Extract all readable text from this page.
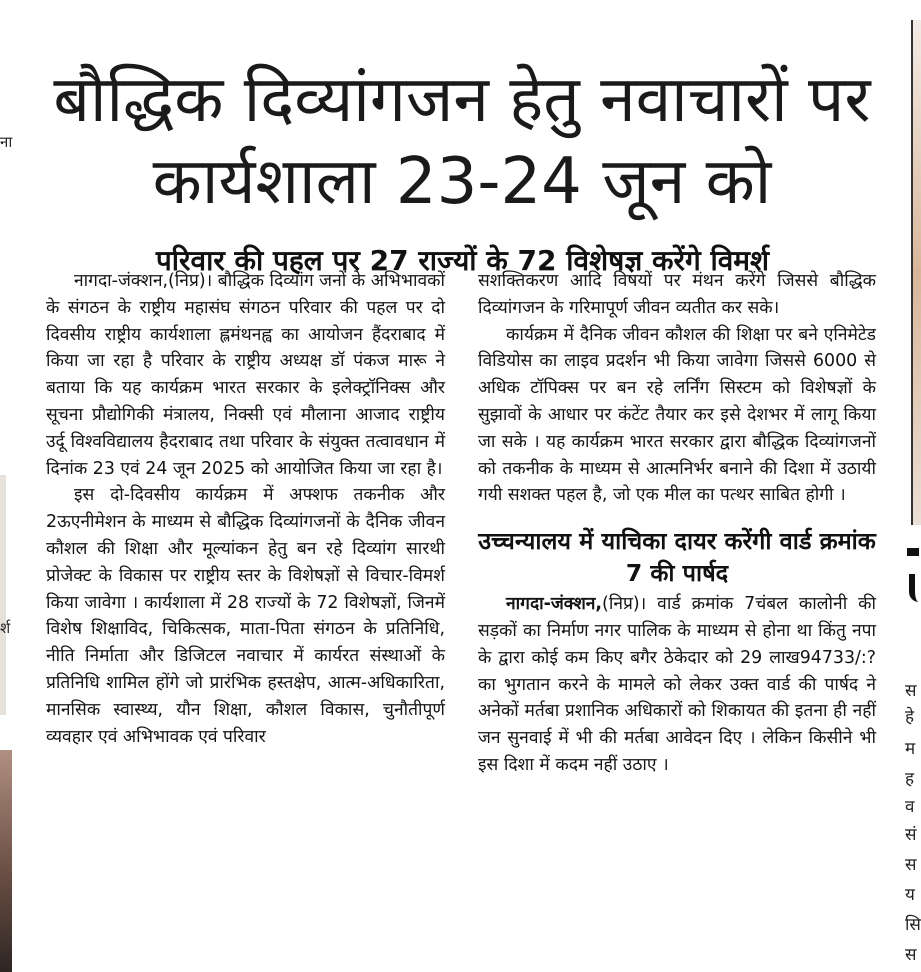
ना
र्श
स
हे
म
ह
व
सं
स
य
सि
स
बौद्धिक दिव्यांगजन हेतु नवाचारों पर कार्यशाला 23-24 जून को
परिवार की पहल पर 27 राज्यों के 72 विशेषज्ञ करेंगे विमर्श

नागदा-जंक्शन,(निप्र)। बौद्धिक दिव्यांग जनों के अभिभावकों के संगठन के राष्ट्रीय महासंघ संगठन परिवार की पहल पर दो दिवसीय राष्ट्रीय कार्यशाला ह्लमंथनह्व का आयोजन हैंदराबाद में किया जा रहा है परिवार के राष्ट्रीय अध्यक्ष डॉ पंकज मारू ने बताया कि यह कार्यक्रम भारत सरकार के इलेक्ट्रॉनिक्स और सूचना प्रौद्योगिकी मंत्रालय, निक्सी एवं मौलाना आजाद राष्ट्रीय उर्दू विश्वविद्यालय हैदराबाद तथा परिवार के संयुक्त तत्वावधान में दिनांक 23 एवं 24 जून 2025 को आयोजित किया जा रहा है।

इस दो-दिवसीय कार्यक्रम में अफ्शफ तकनीक और 2ऊएनीमेशन के माध्यम से बौद्धिक दिव्यांगजनों के दैनिक जीवन कौशल की शिक्षा और मूल्यांकन हेतु बन रहे दिव्यांग सारथी प्रोजेक्ट के विकास पर राष्ट्रीय स्तर के विशेषज्ञों से विचार-विमर्श किया जावेगा । कार्यशाला में 28 राज्यों के 72 विशेषज्ञों, जिनमें विशेष शिक्षाविद, चिकित्सक, माता-पिता संगठन के प्रतिनिधि, नीति निर्माता और डिजिटल नवाचार में कार्यरत संस्थाओं के प्रतिनिधि शामिल होंगे जो प्रारंभिक हस्तक्षेप, आत्म-अधिकारिता, मानसिक स्वास्थ्य, यौन शिक्षा, कौशल विकास, चुनौतीपूर्ण व्यवहार एवं अभिभावक एवं परिवार

सशक्तिकरण आदि विषयों पर मंथन करेंगे जिससे बौद्धिक दिव्यांगजन के गरिमापूर्ण जीवन व्यतीत कर सके।

कार्यक्रम में दैनिक जीवन कौशल की शिक्षा पर बने एनिमेटेड विडियोस का लाइव प्रदर्शन भी किया जावेगा जिससे 6000 से अधिक टॉपिक्स पर बन रहे लर्निंग सिस्टम को विशेषज्ञों के सुझावों के आधार पर कंटेंट तैयार कर इसे देशभर में लागू किया जा सके । यह कार्यक्रम भारत सरकार द्वारा बौद्धिक दिव्यांगजनों को तकनीक के माध्यम से आत्मनिर्भर बनाने की दिशा में उठायी गयी सशक्त पहल है, जो एक मील का पत्थर साबित होगी ।

उच्चन्यालय में याचिका दायर करेंगी वार्ड क्रमांक 7 की पार्षद

नागदा-जंक्शन,(निप्र)। वार्ड क्रमांक 7चंबल कालोनी की सड़कों का निर्माण नगर पालिक के माध्यम से होना था किंतु नपा के द्वारा कोई कम किए बगैर ठेकेदार को 29 लाख94733/:?का भुगतान करने के मामले को लेकर उक्त वार्ड की पार्षद ने अनेकों मर्तबा प्रशानिक अधिकारों को शिकायत की इतना ही नहीं जन सुनवाई में भी की मर्तबा आवेदन दिए । लेकिन किसीने भी इस दिशा में कदम नहीं उठाए ।
